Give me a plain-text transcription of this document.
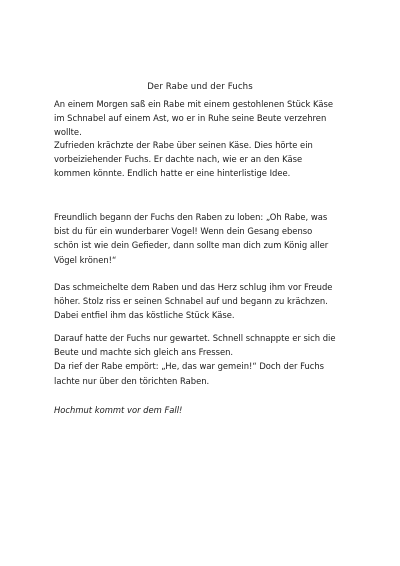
Der Rabe und der Fuchs

An einem Morgen saß ein Rabe mit einem gestohlenen Stück Käse
im Schnabel auf einem Ast, wo er in Ruhe seine Beute verzehren
wollte.

Zufrieden krächzte der Rabe über seinen Käse. Dies hörte ein
vorbeiziehender Fuchs. Er dachte nach, wie er an den Käse
kommen könnte. Endlich hatte er eine hinterlistige Idee.

Freundlich begann der Fuchs den Raben zu loben: „Oh Rabe, was
bist du für ein wunderbarer Vogel! Wenn dein Gesang ebenso
schön ist wie dein Gefieder, dann sollte man dich zum König aller
Vögel krönen!“

Das schmeichelte dem Raben und das Herz schlug ihm vor Freude
höher. Stolz riss er seinen Schnabel auf und begann zu krächzen.
Dabei entfiel ihm das köstliche Stück Käse.

Darauf hatte der Fuchs nur gewartet. Schnell schnappte er sich die
Beute und machte sich gleich ans Fressen.
Da rief der Rabe empört: „He, das war gemein!“ Doch der Fuchs
lachte nur über den törichten Raben.

Hochmut kommt vor dem Fall!
